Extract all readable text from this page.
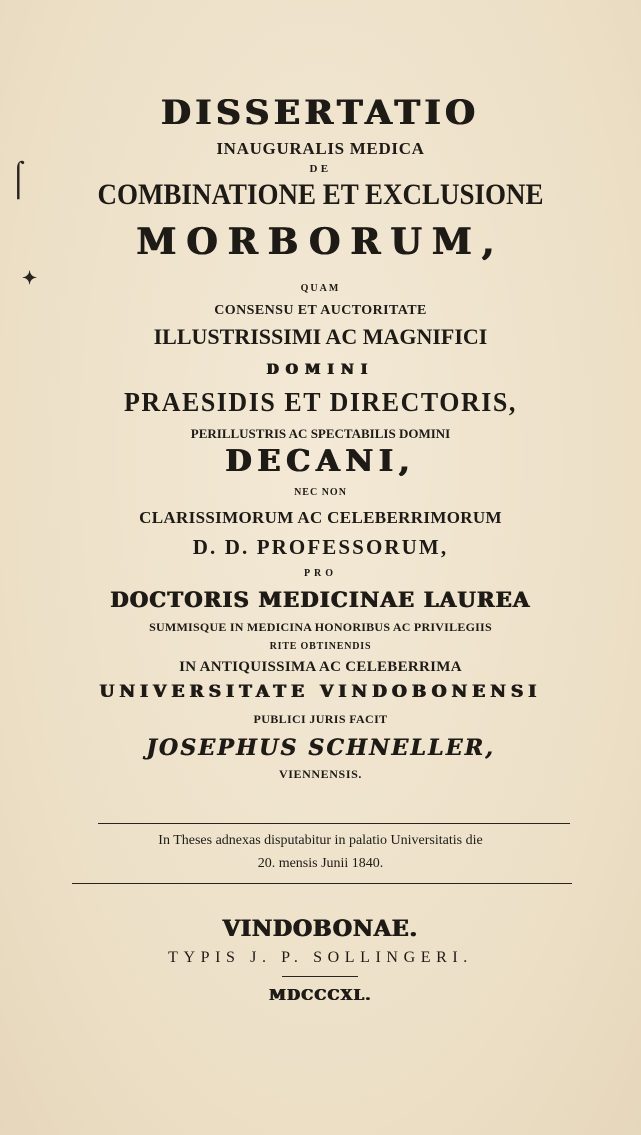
DISSERTATIO
INAUGURALIS MEDICA
DE
COMBINATIONE ET EXCLUSIONE
MORBORUM,
QUAM
CONSENSU ET AUCTORITATE
ILLUSTRISSIMI AC MAGNIFICI
DOMINI
PRAESIDIS ET DIRECTORIS,
PERILLUSTRIS AC SPECTABILIS DOMINI
DECANI,
NEC NON
CLARISSIMORUM AC CELEBERRIMORUM
D. D. PROFESSORUM,
PRO
DOCTORIS MEDICINAE LAUREA
SUMMISQUE IN MEDICINA HONORIBUS AC PRIVILEGIIS
RITE OBTINENDIS
IN ANTIQUISSIMA AC CELEBERRIMA
UNIVERSITATE VINDOBONENSI
PUBLICI JURIS FACIT
JOSEPHUS SCHNELLER,
VIENNENSIS.
In Theses adnexas disputabitur in palatio Universitatis die
20. mensis Junii 1840.
VINDOBONAE.
TYPIS J. P. SOLLINGERI.
MDCCCXL.
⌠
✦
